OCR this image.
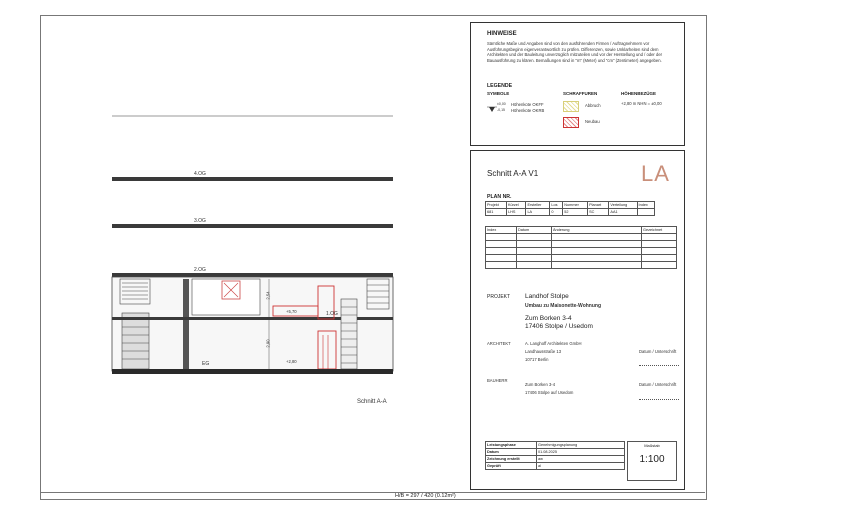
4.OG
3.OG
2.OG
1.OG
EG
+5,70
+2,80
2,54
2,90
Schnitt A-A
HINWEISE
Sämtliche Maße und Angaben sind von den ausführenden Firmen / Auftragnehmern vor Ausführungsbeginn eigenverantwortlich zu prüfen. Differenzen, sowie Unklarheiten sind dem Architekten und der Bauleitung unverzüglich mitzuteilen und vor der Herstellung und / oder der Bauausführung zu klären. Bemaßungen sind in "m" (Meter) und "cm" (Zentimeter) angegeben.
LEGENDE
SYMBOLE
±0,00
-0,15
Höhenkote OKFF
Höhenkote OKRB
SCHRAFFUREN
Abbruch
Neubau
HÖHENBEZÜGE
+2,80 m NHN = ±0,00
Schnitt A-A V1	LA
PLAN NR.
Projekt	Kürzel	Ersteller	Los	Nummer	Planart	Verteilung	Index
681	LHS	LA	0	52	SC	AA1	
Index	Datum	Änderung	Gezeichnet

PROJEKT Landhof Stolpe
Umbau zu Maisonette-Wohnung
Zum Borken 3-4
17406 Stolpe / Usedom
ARCHITEKT	A. Langhoff Architekten GmbH
Landhausstraße 13
10717 Berlin
Datum / Unterschrift
BAUHERR
Zum Borken 3-4
17406 Stolpe auf Usedom
Datum / Unterschrift
Leistungsphase	Genehmigungsplanung
Datum	01.08.2025
Zeichnung erstellt	aw
Geprüft	al
Maßstab
1:100
H/B = 297 / 420 (0.12m²)
